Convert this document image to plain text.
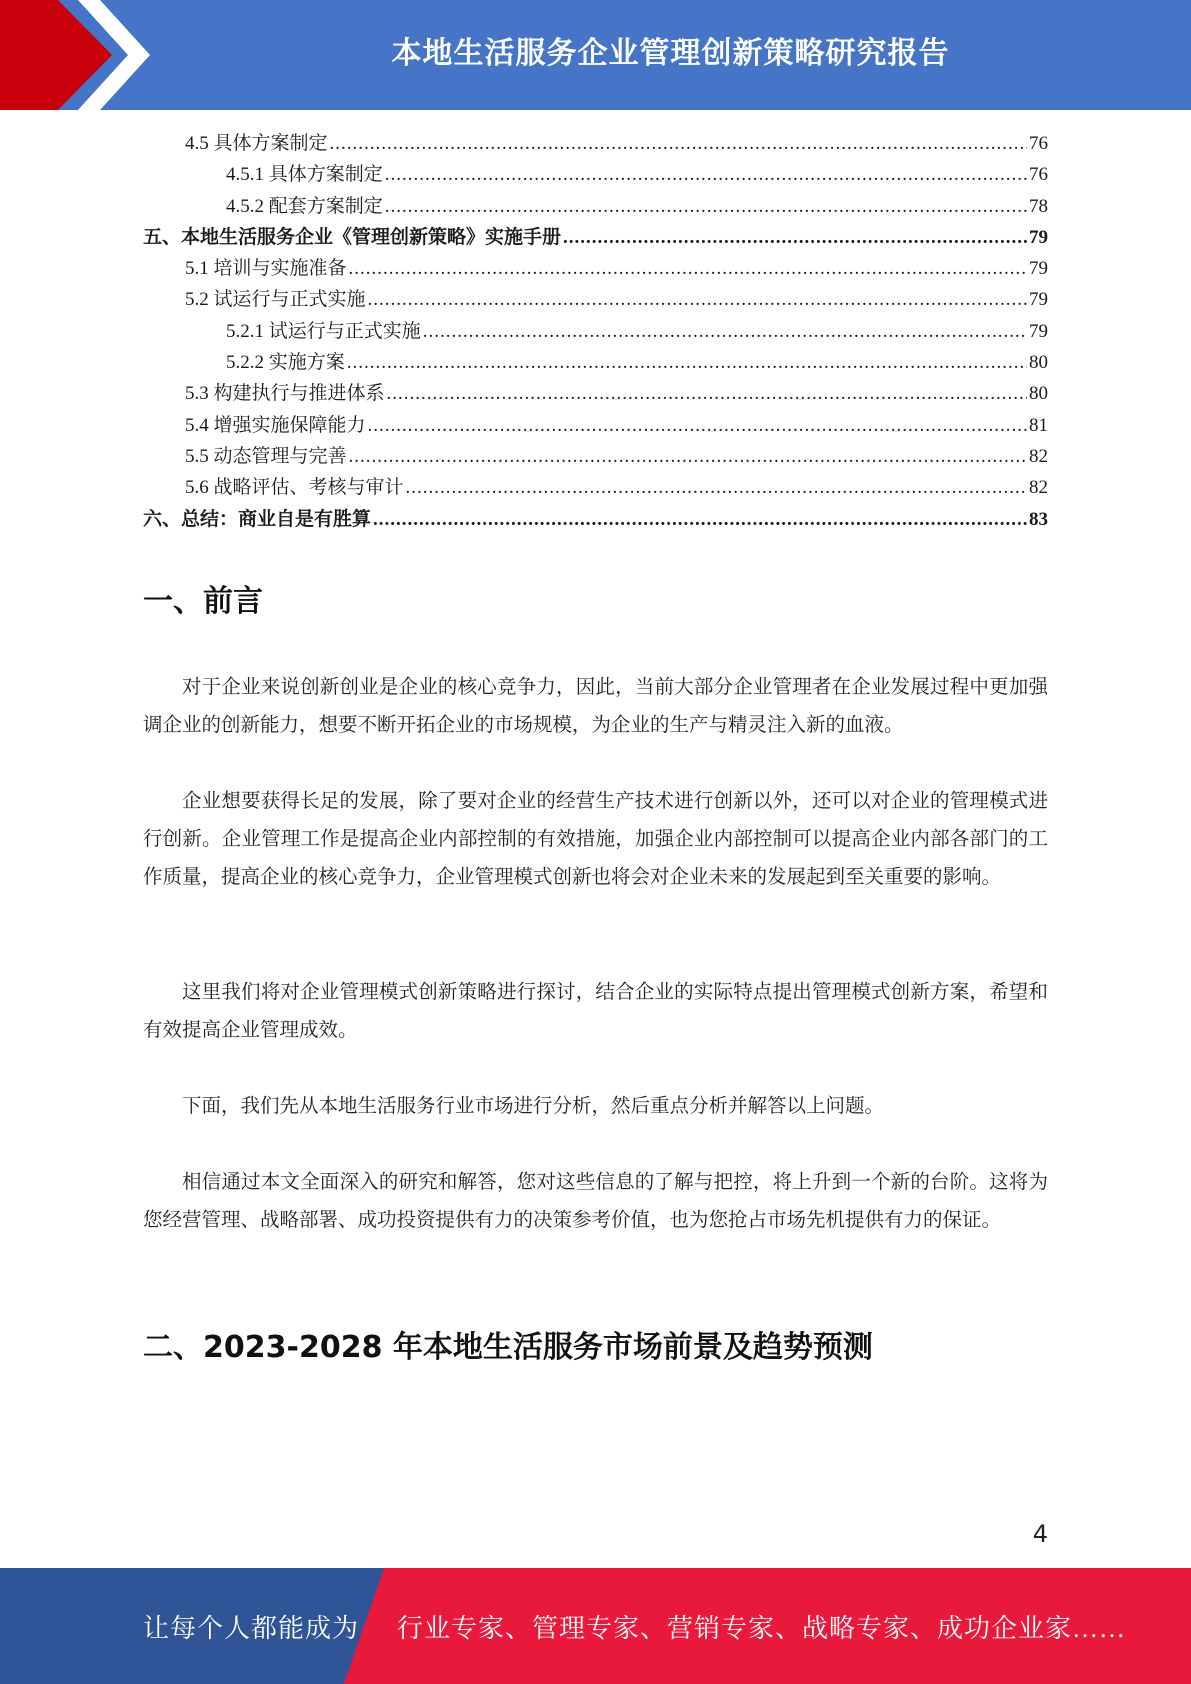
本地生活服务企业管理创新策略研究报告
4.5 具体方案制定 .....	76
4.5.1 具体方案制定 .....	76
4.5.2 配套方案制定 .....	78
五、本地生活服务企业《管理创新策略》实施手册 .....	79
5.1 培训与实施准备 .....	79
5.2 试运行与正式实施 .....	79
5.2.1 试运行与正式实施 .....	79
5.2.2 实施方案 .....	80
5.3 构建执行与推进体系 .....	80
5.4 增强实施保障能力 .....	81
5.5 动态管理与完善 .....	82
5.6 战略评估、考核与审计 .....	82
六、总结：商业自是有胜算 .....	83
一、前言
对于企业来说创新创业是企业的核心竞争力，因此，当前大部分企业管理者在企业发展过程中更加强调企业的创新能力，想要不断开拓企业的市场规模，为企业的生产与精灵注入新的血液。
企业想要获得长足的发展，除了要对企业的经营生产技术进行创新以外，还可以对企业的管理模式进行创新。企业管理工作是提高企业内部控制的有效措施，加强企业内部控制可以提高企业内部各部门的工作质量，提高企业的核心竞争力，企业管理模式创新也将会对企业未来的发展起到至关重要的影响。
这里我们将对企业管理模式创新策略进行探讨，结合企业的实际特点提出管理模式创新方案，希望和有效提高企业管理成效。
下面，我们先从本地生活服务行业市场进行分析，然后重点分析并解答以上问题。
相信通过本文全面深入的研究和解答，您对这些信息的了解与把控，将上升到一个新的台阶。这将为您经营管理、战略部署、成功投资提供有力的决策参考价值，也为您抢占市场先机提供有力的保证。
二、2023-2028 年本地生活服务市场前景及趋势预测
4
让每个人都能成为 行业专家、管理专家、营销专家、战略专家、成功企业家……
